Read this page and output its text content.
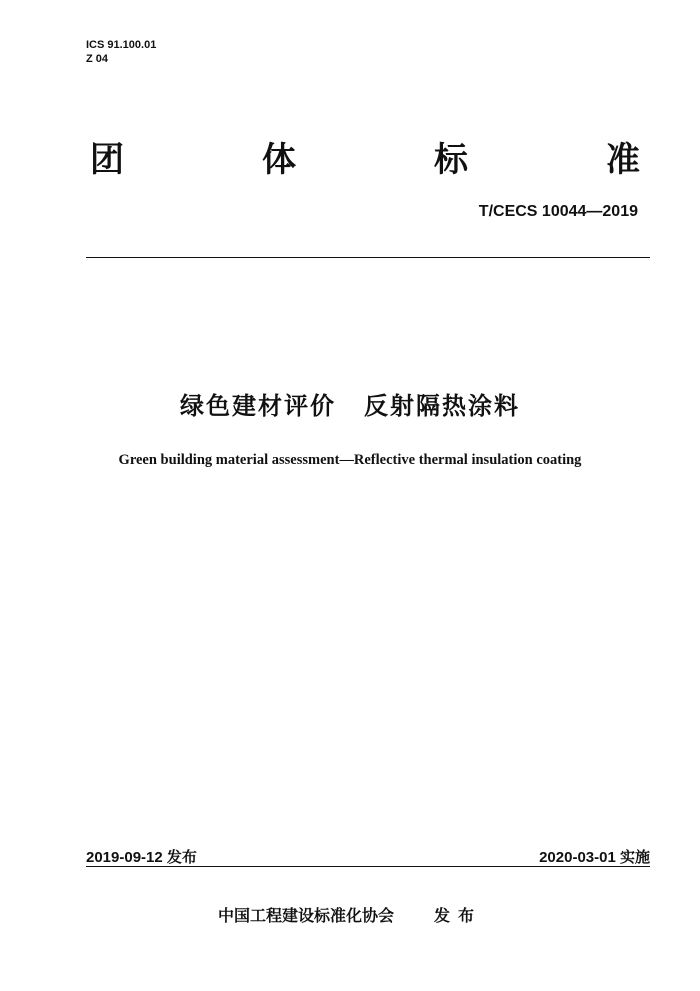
ICS 91.100.01
Z 04
团	体	标	准
T/CECS 10044—2019
绿色建材评价 反射隔热涂料
Green building material assessment—Reflective thermal insulation coating
2019-09-12 发布	2020-03-01 实施
中国工程建设标准化协会	发布
